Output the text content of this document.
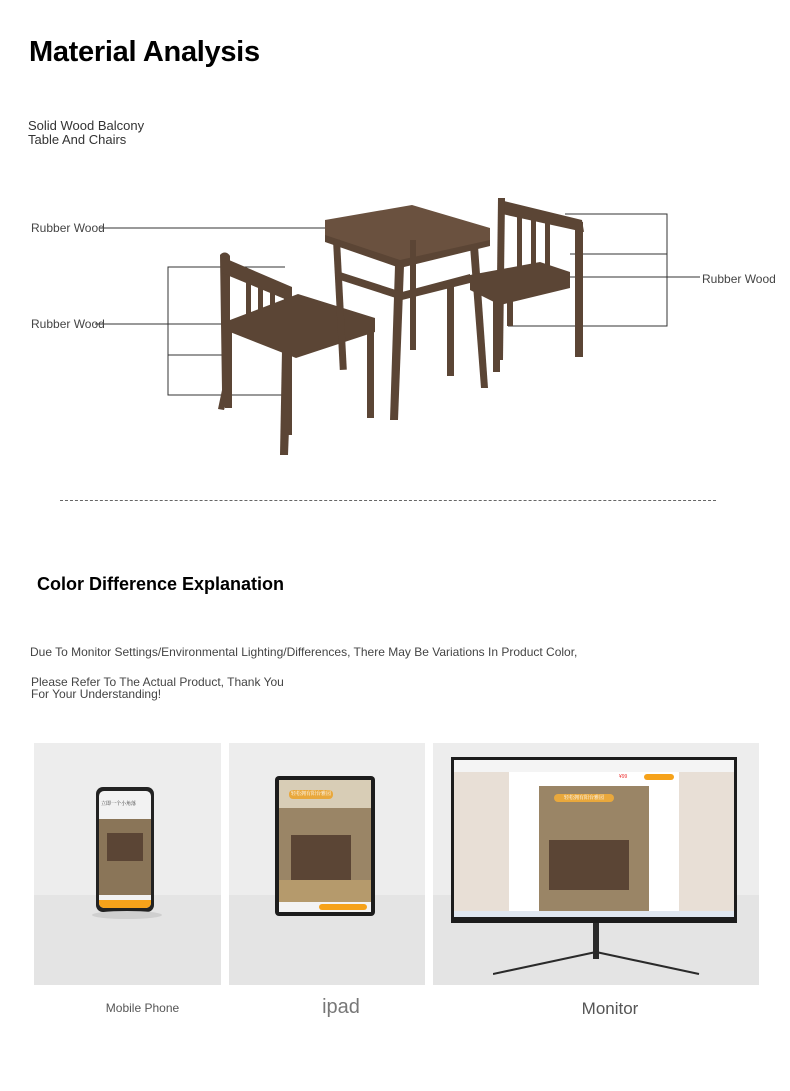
Material Analysis
Solid Wood Balcony
Table And Chairs
Rubber Wood
Rubber Wood
Rubber Wood
Color Difference Explanation
Due To Monitor Settings/Environmental Lighting/Differences, There May Be Variations In Product Color,
Please Refer To The Actual Product, Thank You
For Your Understanding!
立即一个小角落
轻松拥有阳台雅园
轻松拥有阳台雅园
¥99
Mobile Phone	ipad	Monitor
